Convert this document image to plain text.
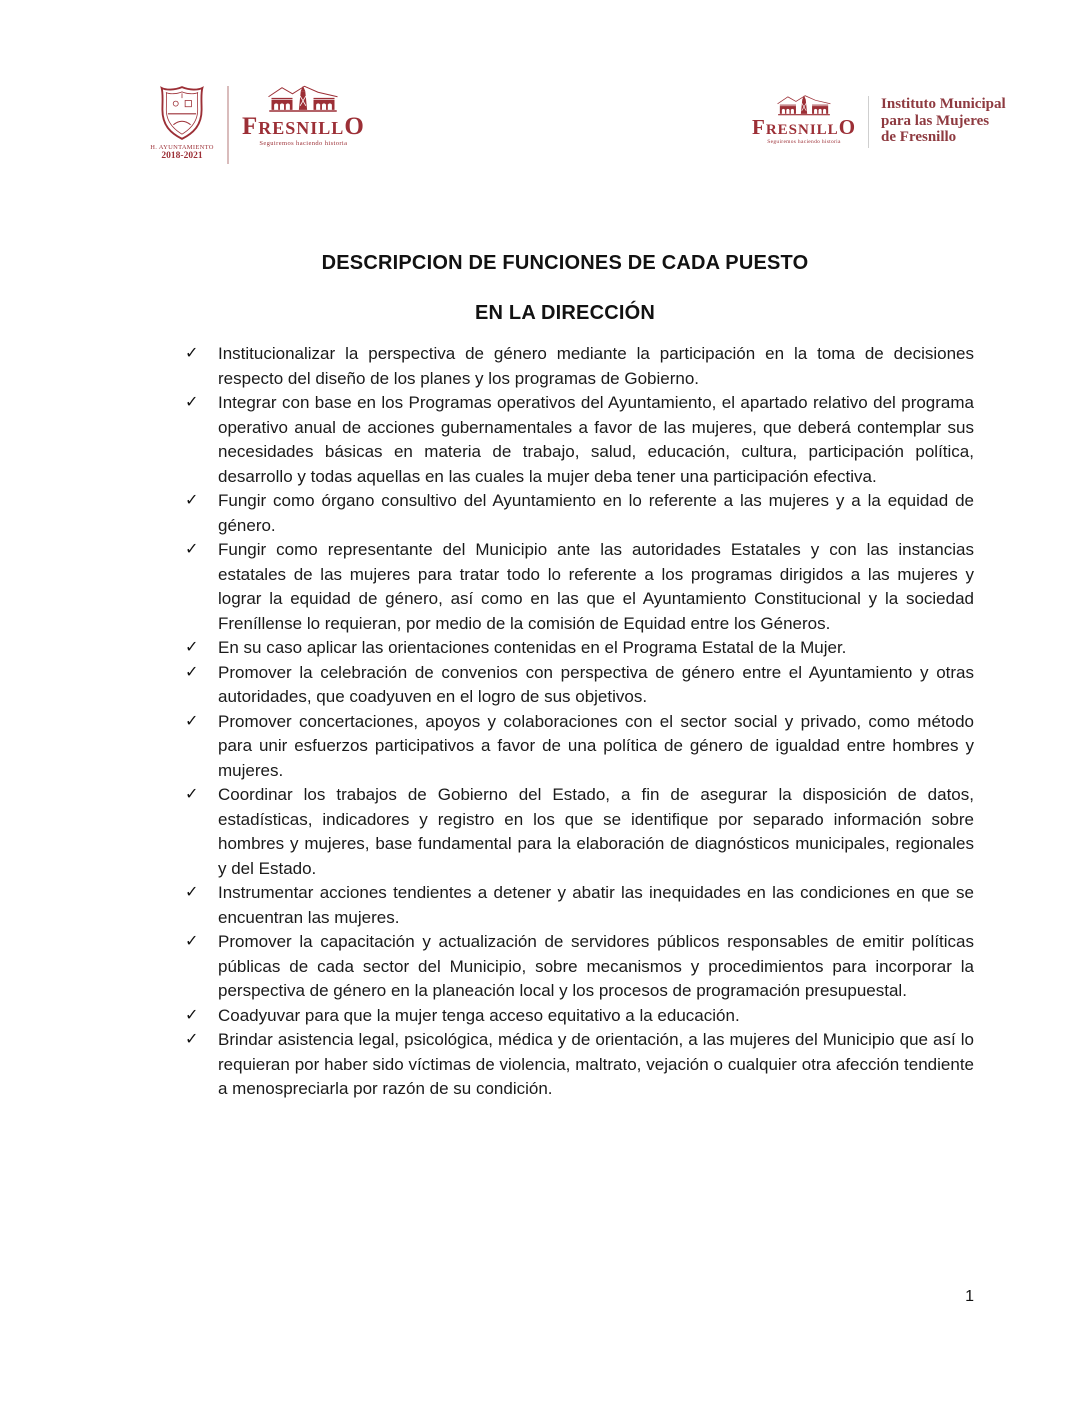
H. AYUNTAMIENTO
2018-2021
FRESNILLO
Seguiremos haciendo historia
FRESNILLO
Seguiremos haciendo historia
Instituto Municipal
para las Mujeres
de Fresnillo
DESCRIPCION DE FUNCIONES DE CADA PUESTO
EN LA DIRECCIÓN
✓ Institucionalizar la perspectiva de género mediante la participación en la toma de decisiones respecto del diseño de los planes y los programas de Gobierno.
✓ Integrar con base en los Programas operativos del Ayuntamiento, el apartado relativo del programa operativo anual de acciones gubernamentales a favor de las mujeres, que deberá contemplar sus necesidades básicas en materia de trabajo, salud, educación, cultura, participación política, desarrollo y todas aquellas en las cuales la mujer deba tener una participación efectiva.
✓ Fungir como órgano consultivo del Ayuntamiento en lo referente a las mujeres y a la equidad de género.
✓ Fungir como representante del Municipio ante las autoridades Estatales y con las instancias estatales de las mujeres para tratar todo lo referente a los programas dirigidos a las mujeres y lograr la equidad de género, así como en las que el Ayuntamiento Constitucional y la sociedad Freníllense lo requieran, por medio de la comisión de Equidad entre los Géneros.
✓ En su caso aplicar las orientaciones contenidas en el Programa Estatal de la Mujer.
✓ Promover la celebración de convenios con perspectiva de género entre el Ayuntamiento y otras autoridades, que coadyuven en el logro de sus objetivos.
✓ Promover concertaciones, apoyos y colaboraciones con el sector social y privado, como método para unir esfuerzos participativos a favor de una política de género de igualdad entre hombres y mujeres.
✓ Coordinar los trabajos de Gobierno del Estado, a fin de asegurar la disposición de datos, estadísticas, indicadores y registro en los que se identifique por separado información sobre hombres y mujeres, base fundamental para la elaboración de diagnósticos municipales, regionales y del Estado.
✓ Instrumentar acciones tendientes a detener y abatir las inequidades en las condiciones en que se encuentran las mujeres.
✓ Promover la capacitación y actualización de servidores públicos responsables de emitir políticas públicas de cada sector del Municipio, sobre mecanismos y procedimientos para incorporar la perspectiva de género en la planeación local y los procesos de programación presupuestal.
✓ Coadyuvar para que la mujer tenga acceso equitativo a la educación.
✓ Brindar asistencia legal, psicológica, médica y de orientación, a las mujeres del Municipio que así lo requieran por haber sido víctimas de violencia, maltrato, vejación o cualquier otra afección tendiente a menospreciarla por razón de su condición.
1
